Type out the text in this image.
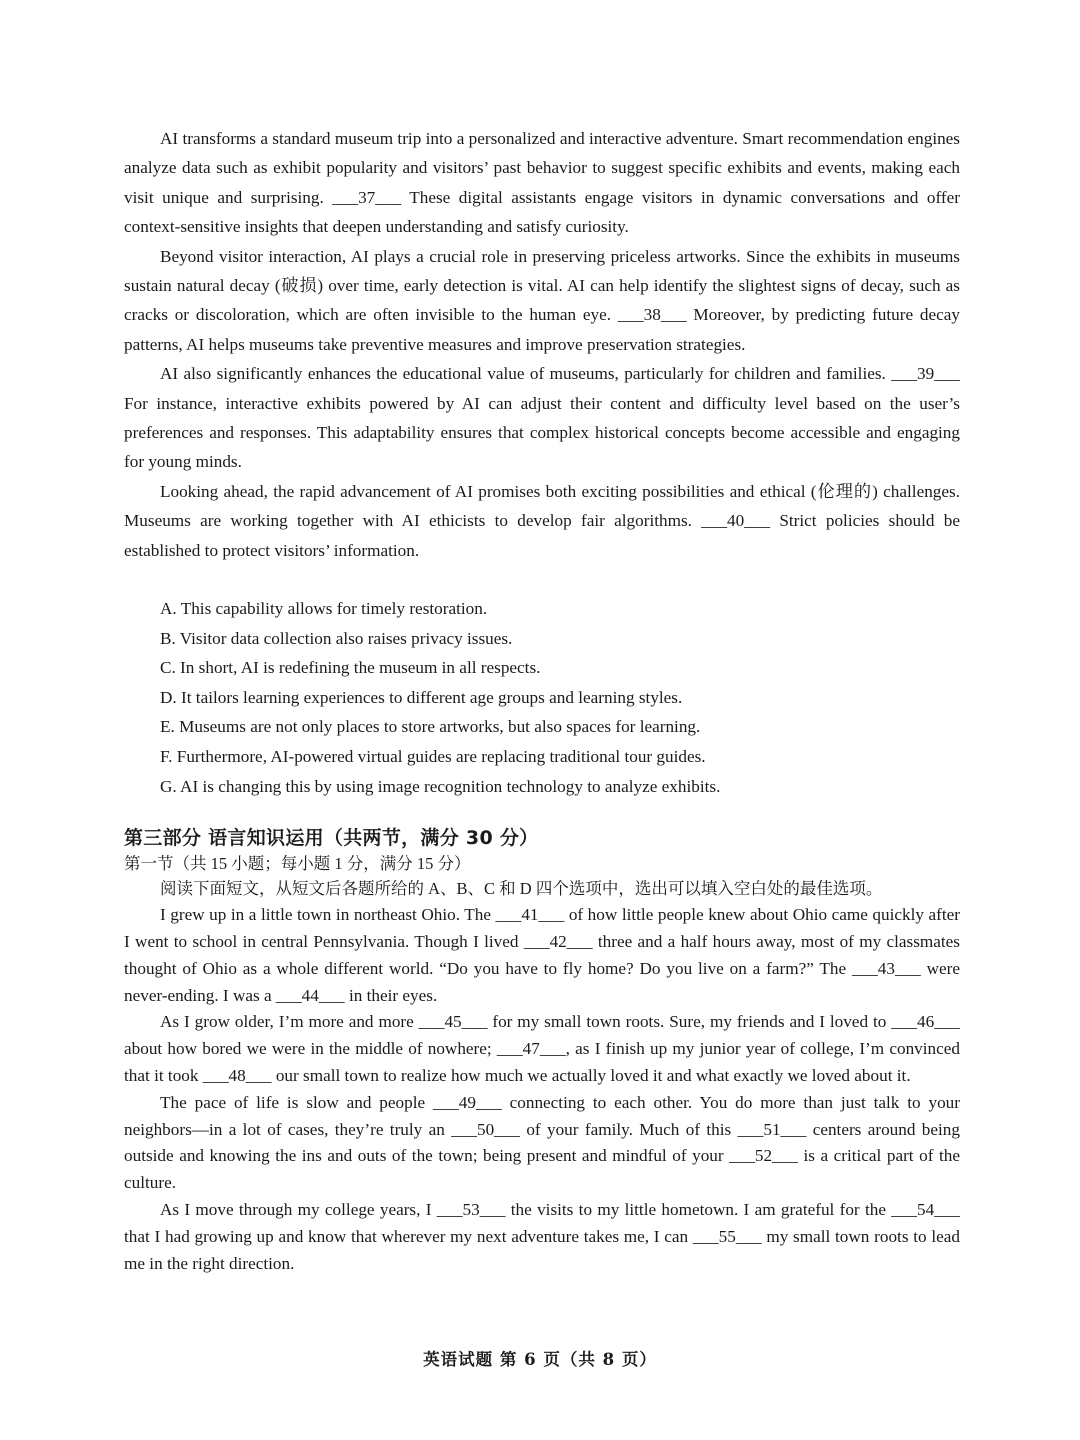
AI transforms a standard museum trip into a personalized and interactive adventure. Smart recommendation engines analyze data such as exhibit popularity and visitors’ past behavior to suggest specific exhibits and events, making each visit unique and surprising. ___37___ These digital assistants engage visitors in dynamic conversations and offer context-sensitive insights that deepen understanding and satisfy curiosity.

Beyond visitor interaction, AI plays a crucial role in preserving priceless artworks. Since the exhibits in museums sustain natural decay (破损) over time, early detection is vital. AI can help identify the slightest signs of decay, such as cracks or discoloration, which are often invisible to the human eye. ___38___ Moreover, by predicting future decay patterns, AI helps museums take preventive measures and improve preservation strategies.

AI also significantly enhances the educational value of museums, particularly for children and families. ___39___ For instance, interactive exhibits powered by AI can adjust their content and difficulty level based on the user’s preferences and responses. This adaptability ensures that complex historical concepts become accessible and engaging for young minds.

Looking ahead, the rapid advancement of AI promises both exciting possibilities and ethical (伦理的) challenges. Museums are working together with AI ethicists to develop fair algorithms. ___40___ Strict policies should be established to protect visitors’ information.

A. This capability allows for timely restoration.

B. Visitor data collection also raises privacy issues.

C. In short, AI is redefining the museum in all respects.

D. It tailors learning experiences to different age groups and learning styles.

E. Museums are not only places to store artworks, but also spaces for learning.

F. Furthermore, AI-powered virtual guides are replacing traditional tour guides.

G. AI is changing this by using image recognition technology to analyze exhibits.

第三部分 语言知识运用（共两节，满分 30 分）

第一节（共 15 小题；每小题 1 分，满分 15 分）

阅读下面短文，从短文后各题所给的 A、B、C 和 D 四个选项中，选出可以填入空白处的最佳选项。

I grew up in a little town in northeast Ohio. The ___41___ of how little people knew about Ohio came quickly after I went to school in central Pennsylvania. Though I lived ___42___ three and a half hours away, most of my classmates thought of Ohio as a whole different world. “Do you have to fly home? Do you live on a farm?” The ___43___ were never-ending. I was a ___44___ in their eyes.

As I grow older, I’m more and more ___45___ for my small town roots. Sure, my friends and I loved to ___46___ about how bored we were in the middle of nowhere; ___47___, as I finish up my junior year of college, I’m convinced that it took ___48___ our small town to realize how much we actually loved it and what exactly we loved about it.

The pace of life is slow and people ___49___ connecting to each other. You do more than just talk to your neighbors—in a lot of cases, they’re truly an ___50___ of your family. Much of this ___51___ centers around being outside and knowing the ins and outs of the town; being present and mindful of your ___52___ is a critical part of the culture.

As I move through my college years, I ___53___ the visits to my little hometown. I am grateful for the ___54___ that I had growing up and know that wherever my next adventure takes me, I can ___55___ my small town roots to lead me in the right direction.

英语试题 第 6 页（共 8 页）
